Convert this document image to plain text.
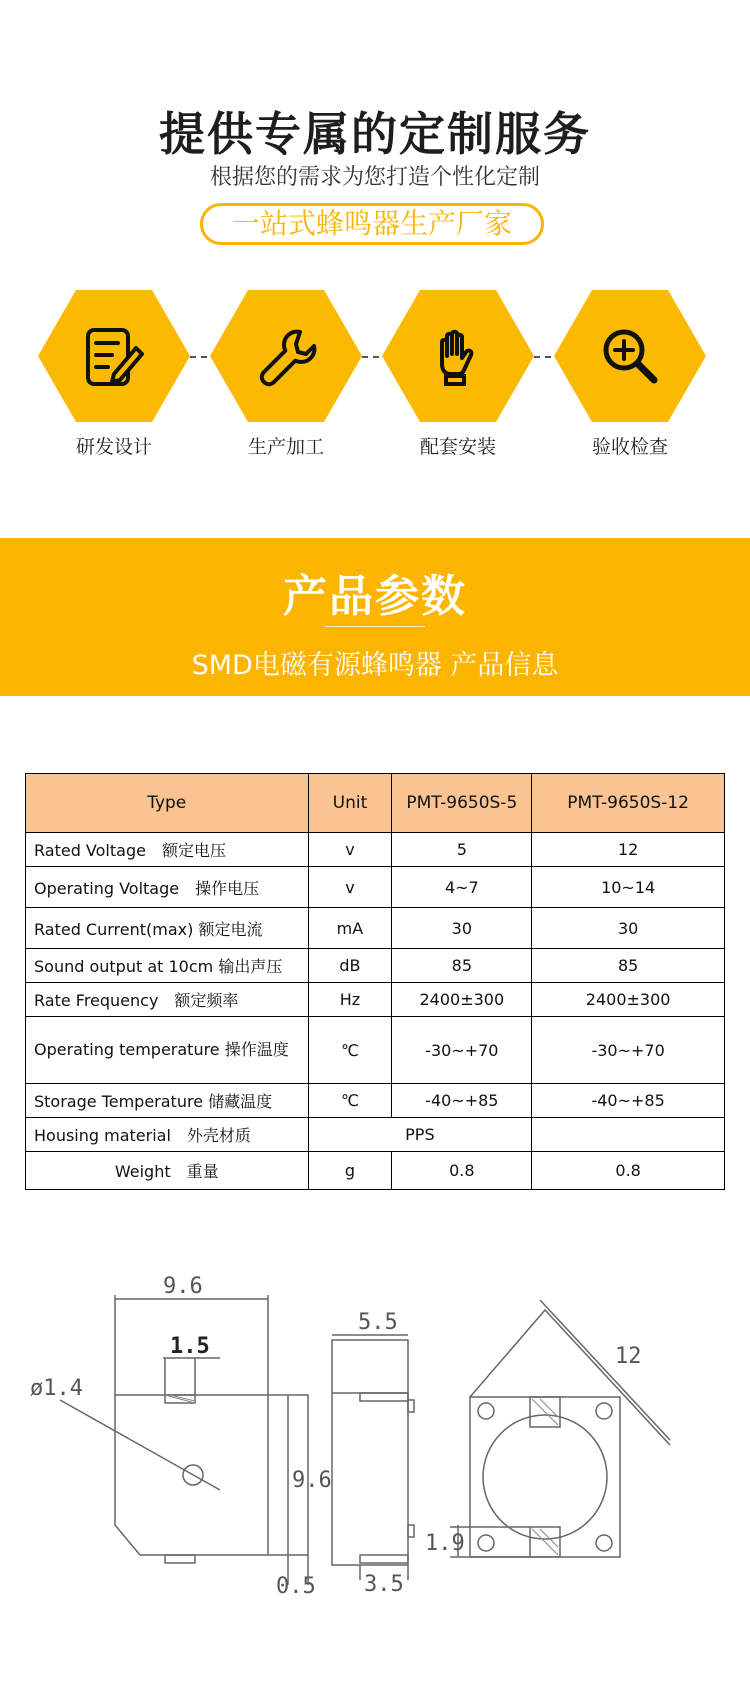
提供专属的定制服务
根据您的需求为您打造个性化定制
一站式蜂鸣器生产厂家
研发设计	生产加工	配套安装	验收检查
产品参数
SMD电磁有源蜂鸣器 产品信息
Type	Unit	PMT-9650S-5	PMT-9650S-12
Rated Voltage　额定电压	v	5	12
Operating Voltage　操作电压	v	4~7	10~14
Rated Current(max) 额定电流	mA	30	30
Sound output at 10cm 输出声压	dB	85	85
Rate Frequency　额定频率	Hz	2400±300	2400±300
Operating temperature 操作温度	℃	-30~+70	-30~+70
Storage Temperature 储藏温度	℃	-40~+85	-40~+85
Housing material　外壳材质	PPS		
Weight　重量	g	0.8	0.8
9.6
1.5
ø1.4
9.6
0.5
5.5
3.5
12
1.9
